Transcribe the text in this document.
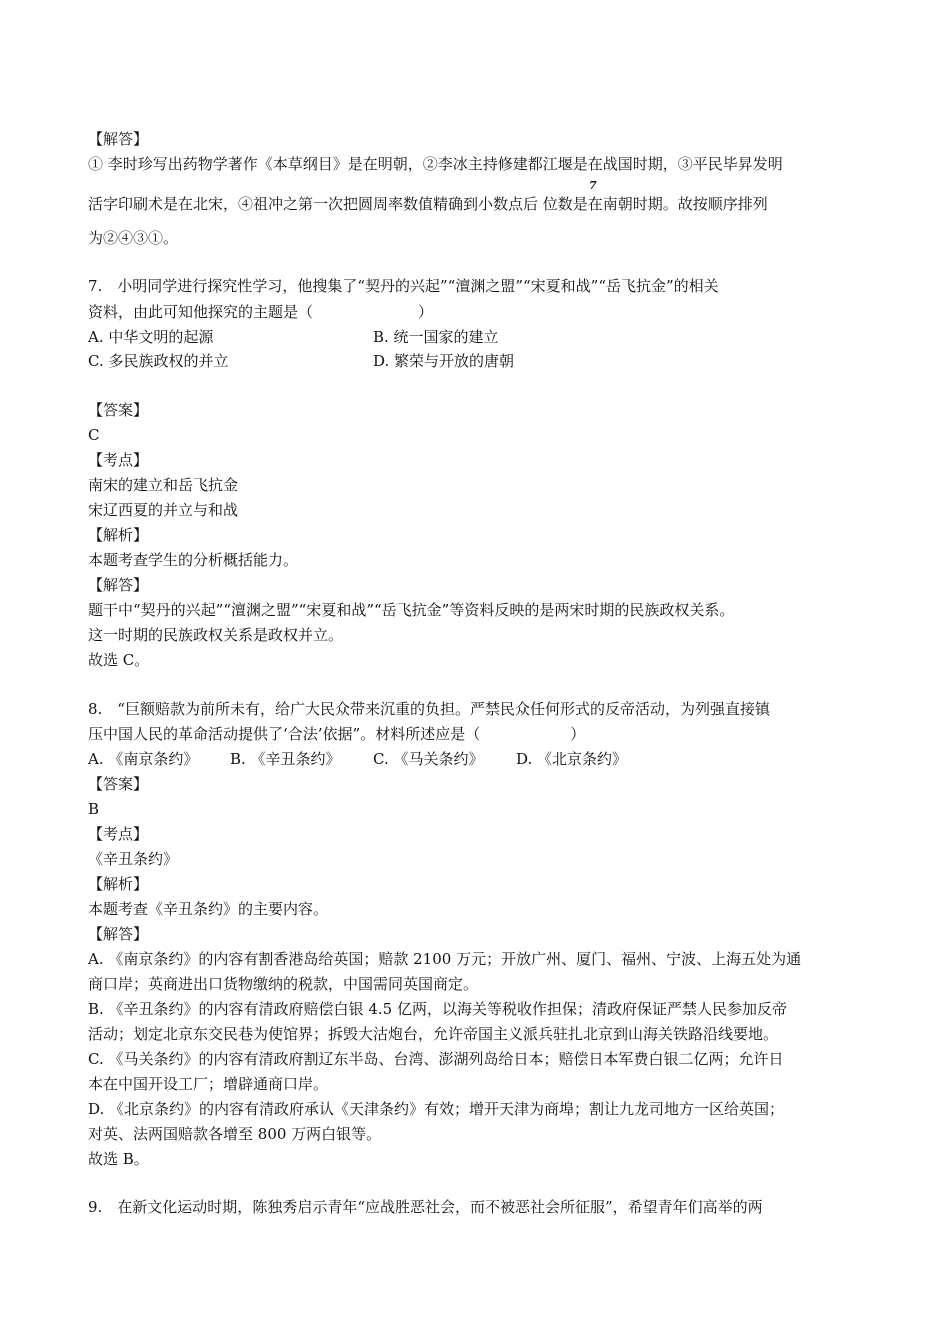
【解答】
① 李时珍写出药物学著作《本草纲目》是在明朝，②李冰主持修建都江堰是在战国时期，③平民毕昇发明
7
活字印刷术是在北宋，④祖冲之第一次把圆周率数值精确到小数点后 位数是在南朝时期。故按顺序排列
为②④③①。
7.　小明同学进行探究性学习，他搜集了“契丹的兴起”“澶渊之盟”“宋夏和战”“岳飞抗金”的相关
资料，由此可知他探究的主题是（　　　　　　　）
A. 中华文明的起源	B. 统一国家的建立
C. 多民族政权的并立	D. 繁荣与开放的唐朝
【答案】
C
【考点】
南宋的建立和岳飞抗金
宋辽西夏的并立与和战
【解析】
本题考查学生的分析概括能力。
【解答】
题干中“契丹的兴起”“澶渊之盟”“宋夏和战”“岳飞抗金”等资料反映的是两宋时期的民族政权关系。
这一时期的民族政权关系是政权并立。
故选 C。
8.　“巨额赔款为前所未有，给广大民众带来沉重的负担。严禁民众任何形式的反帝活动，为列强直接镇
压中国人民的革命活动提供了‘合法’依据”。材料所述应是（　　　　　　）
A. 《南京条约》 B. 《辛丑条约》 C. 《马关条约》 D. 《北京条约》
【答案】
B
【考点】
《辛丑条约》
【解析】
本题考查《辛丑条约》的主要内容。
【解答】
A. 《南京条约》的内容有割香港岛给英国；赔款 2100 万元；开放广州、厦门、福州、宁波、上海五处为通
商口岸；英商进出口货物缴纳的税款，中国需同英国商定。
B. 《辛丑条约》的内容有清政府赔偿白银 4.5 亿两，以海关等税收作担保；清政府保证严禁人民参加反帝
活动；划定北京东交民巷为使馆界；拆毁大沽炮台，允许帝国主义派兵驻扎北京到山海关铁路沿线要地。
C. 《马关条约》的内容有清政府割辽东半岛、台湾、澎湖列岛给日本；赔偿日本军费白银二亿两；允许日
本在中国开设工厂；增辟通商口岸。
D. 《北京条约》的内容有清政府承认《天津条约》有效；增开天津为商埠；割让九龙司地方一区给英国；
对英、法两国赔款各增至 800 万两白银等。
故选 B。
9.　在新文化运动时期，陈独秀启示青年“应战胜恶社会，而不被恶社会所征服”，希望青年们高举的两
